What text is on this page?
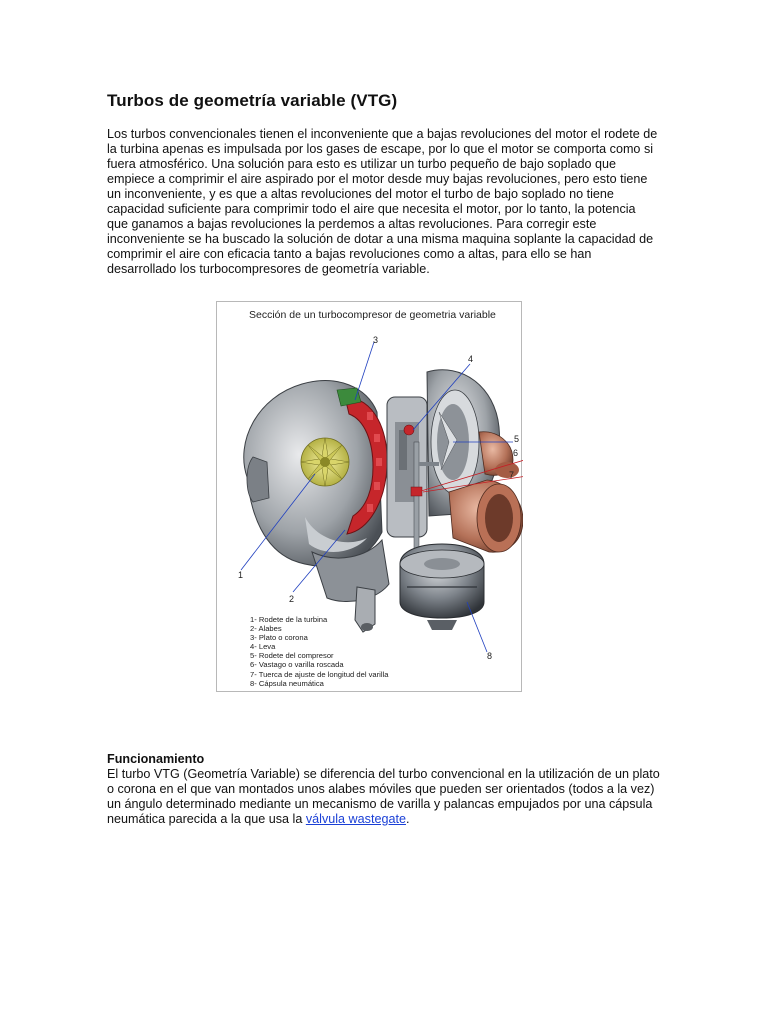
Turbos de geometría variable (VTG)

Los turbos convencionales tienen el inconveniente que a bajas revoluciones del motor el rodete de la turbina apenas es impulsada por los gases de escape, por lo que el motor se comporta como si fuera atmosférico. Una solución para esto es utilizar un turbo pequeño de bajo soplado que empiece a comprimir el aire aspirado por el motor desde muy bajas revoluciones, pero esto tiene un inconveniente, y es que a altas revoluciones del motor el turbo de bajo soplado no tiene capacidad suficiente para comprimir todo el aire que necesita el motor, por lo tanto, la potencia que ganamos a bajas revoluciones la perdemos a altas revoluciones. Para corregir este inconveniente se ha buscado la solución de dotar a una misma maquina soplante la capacidad de comprimir el aire con eficacia tanto a bajas revoluciones como a altas, para ello se han desarrollado los turbocompresores de geometría variable.

Sección de un turbocompresor de geometria variable
1
2
3
4
5
6
7
8
1- Rodete de la turbina
2- Alabes
3- Plato o corona
4- Leva
5- Rodete del compresor
6- Vastago o varilla roscada
7- Tuerca de ajuste de longitud del varilla
8- Cápsula neumática
Funcionamiento

El turbo VTG (Geometría Variable) se diferencia del turbo convencional en la utilización de un plato o corona en el que van montados unos alabes móviles que pueden ser orientados (todos a la vez) un ángulo determinado mediante un mecanismo de varilla y palancas empujados por una cápsula neumática parecida a la que usa la válvula wastegate.
